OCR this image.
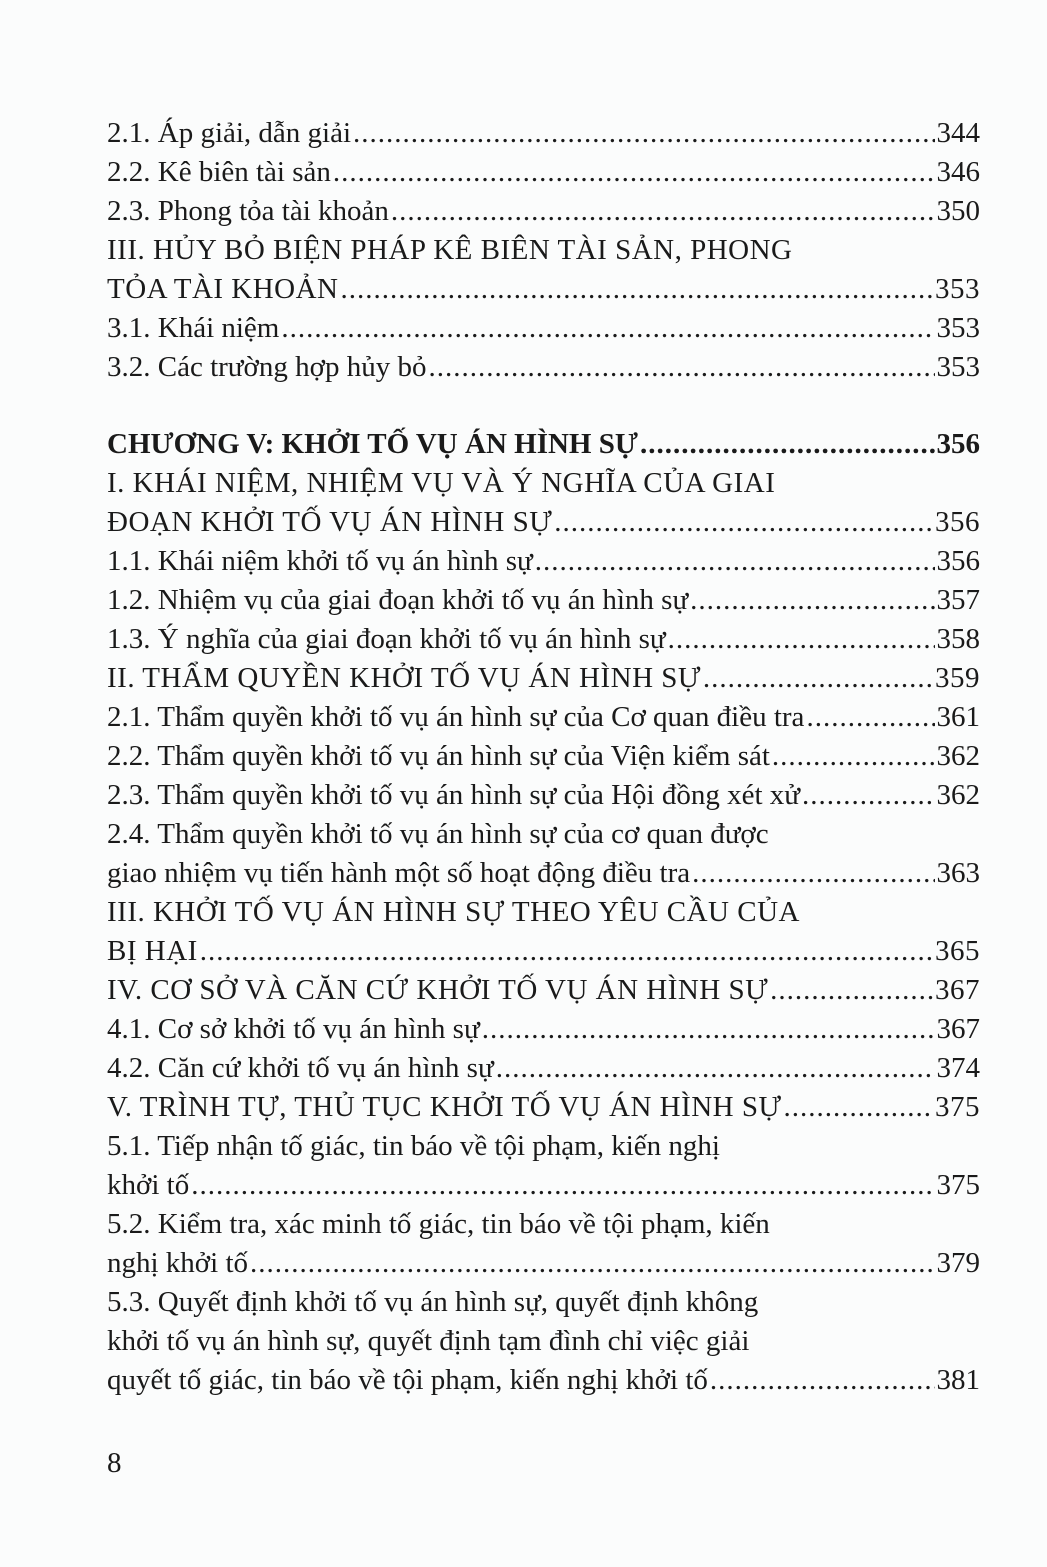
2.1. Áp giải, dẫn giải .....	344
2.2. Kê biên tài sản .....	346
2.3. Phong tỏa tài khoản .....	350
III. HỦY BỎ BIỆN PHÁP KÊ BIÊN TÀI SẢN, PHONG
TỎA TÀI KHOẢN .....	353
3.1. Khái niệm .....	353
3.2. Các trường hợp hủy bỏ .....	353
CHƯƠNG V: KHỞI TỐ VỤ ÁN HÌNH SỰ .....	356
I. KHÁI NIỆM, NHIỆM VỤ VÀ Ý NGHĨA CỦA GIAI
ĐOẠN KHỞI TỐ VỤ ÁN HÌNH SỰ .....	356
1.1. Khái niệm khởi tố vụ án hình sự .....	356
1.2. Nhiệm vụ của giai đoạn khởi tố vụ án hình sự .....	357
1.3. Ý nghĩa của giai đoạn khởi tố vụ án hình sự .....	358
II. THẨM QUYỀN KHỞI TỐ VỤ ÁN HÌNH SỰ .....	359
2.1. Thẩm quyền khởi tố vụ án hình sự của Cơ quan điều tra .....	361
2.2. Thẩm quyền khởi tố vụ án hình sự của Viện kiểm sát .....	362
2.3. Thẩm quyền khởi tố vụ án hình sự của Hội đồng xét xử .....	362
2.4. Thẩm quyền khởi tố vụ án hình sự của cơ quan được
giao nhiệm vụ tiến hành một số hoạt động điều tra .....	363
III. KHỞI TỐ VỤ ÁN HÌNH SỰ THEO YÊU CẦU CỦA
BỊ HẠI .....	365
IV. CƠ SỞ VÀ CĂN CỨ KHỞI TỐ VỤ ÁN HÌNH SỰ .....	367
4.1. Cơ sở khởi tố vụ án hình sự .....	367
4.2. Căn cứ khởi tố vụ án hình sự .....	374
V. TRÌNH TỰ, THỦ TỤC KHỞI TỐ VỤ ÁN HÌNH SỰ .....	375
5.1. Tiếp nhận tố giác, tin báo về tội phạm, kiến nghị
khởi tố .....	375
5.2. Kiểm tra, xác minh tố giác, tin báo về tội phạm, kiến
nghị khởi tố .....	379
5.3. Quyết định khởi tố vụ án hình sự, quyết định không
khởi tố vụ án hình sự, quyết định tạm đình chỉ việc giải
quyết tố giác, tin báo về tội phạm, kiến nghị khởi tố .....	381
8
